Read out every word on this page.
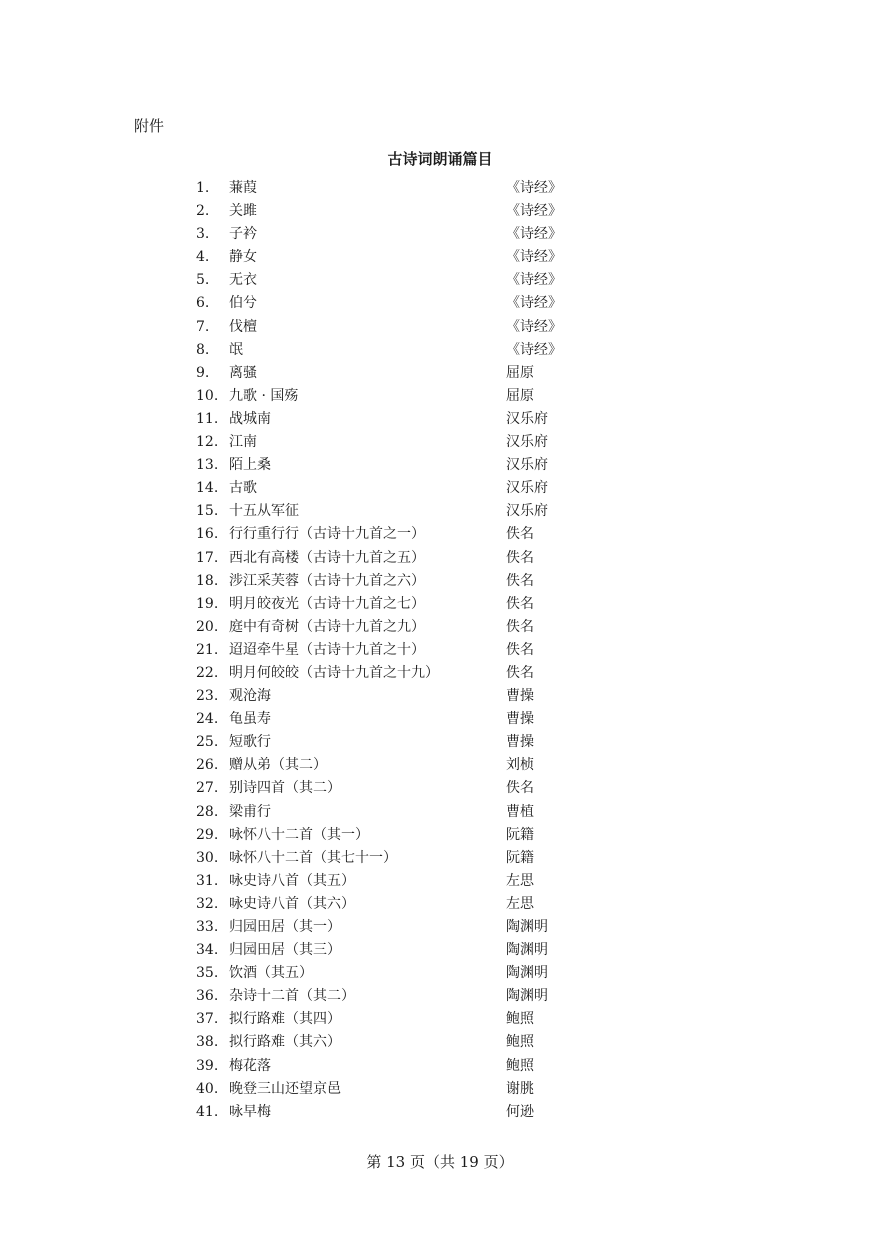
附件
古诗词朗诵篇目
1. 蒹葭	《诗经》
2. 关雎	《诗经》
3. 子衿	《诗经》
4. 静女	《诗经》
5. 无衣	《诗经》
6. 伯兮	《诗经》
7. 伐檀	《诗经》
8. 氓	《诗经》
9. 离骚	屈原
10. 九歌 · 国殇	屈原
11. 战城南	汉乐府
12. 江南	汉乐府
13. 陌上桑	汉乐府
14. 古歌	汉乐府
15. 十五从军征	汉乐府
16. 行行重行行（古诗十九首之一）	佚名
17. 西北有高楼（古诗十九首之五）	佚名
18. 涉江采芙蓉（古诗十九首之六）	佚名
19. 明月皎夜光（古诗十九首之七）	佚名
20. 庭中有奇树（古诗十九首之九）	佚名
21. 迢迢牵牛星（古诗十九首之十）	佚名
22. 明月何皎皎（古诗十九首之十九）	佚名
23. 观沧海	曹操
24. 龟虽寿	曹操
25. 短歌行	曹操
26. 赠从弟（其二）	刘桢
27. 别诗四首（其二）	佚名
28. 梁甫行	曹植
29. 咏怀八十二首（其一）	阮籍
30. 咏怀八十二首（其七十一）	阮籍
31. 咏史诗八首（其五）	左思
32. 咏史诗八首（其六）	左思
33. 归园田居（其一）	陶渊明
34. 归园田居（其三）	陶渊明
35. 饮酒（其五）	陶渊明
36. 杂诗十二首（其二）	陶渊明
37. 拟行路难（其四）	鲍照
38. 拟行路难（其六）	鲍照
39. 梅花落	鲍照
40. 晚登三山还望京邑	谢朓
41. 咏早梅	何逊
第 13 页（共 19 页）
